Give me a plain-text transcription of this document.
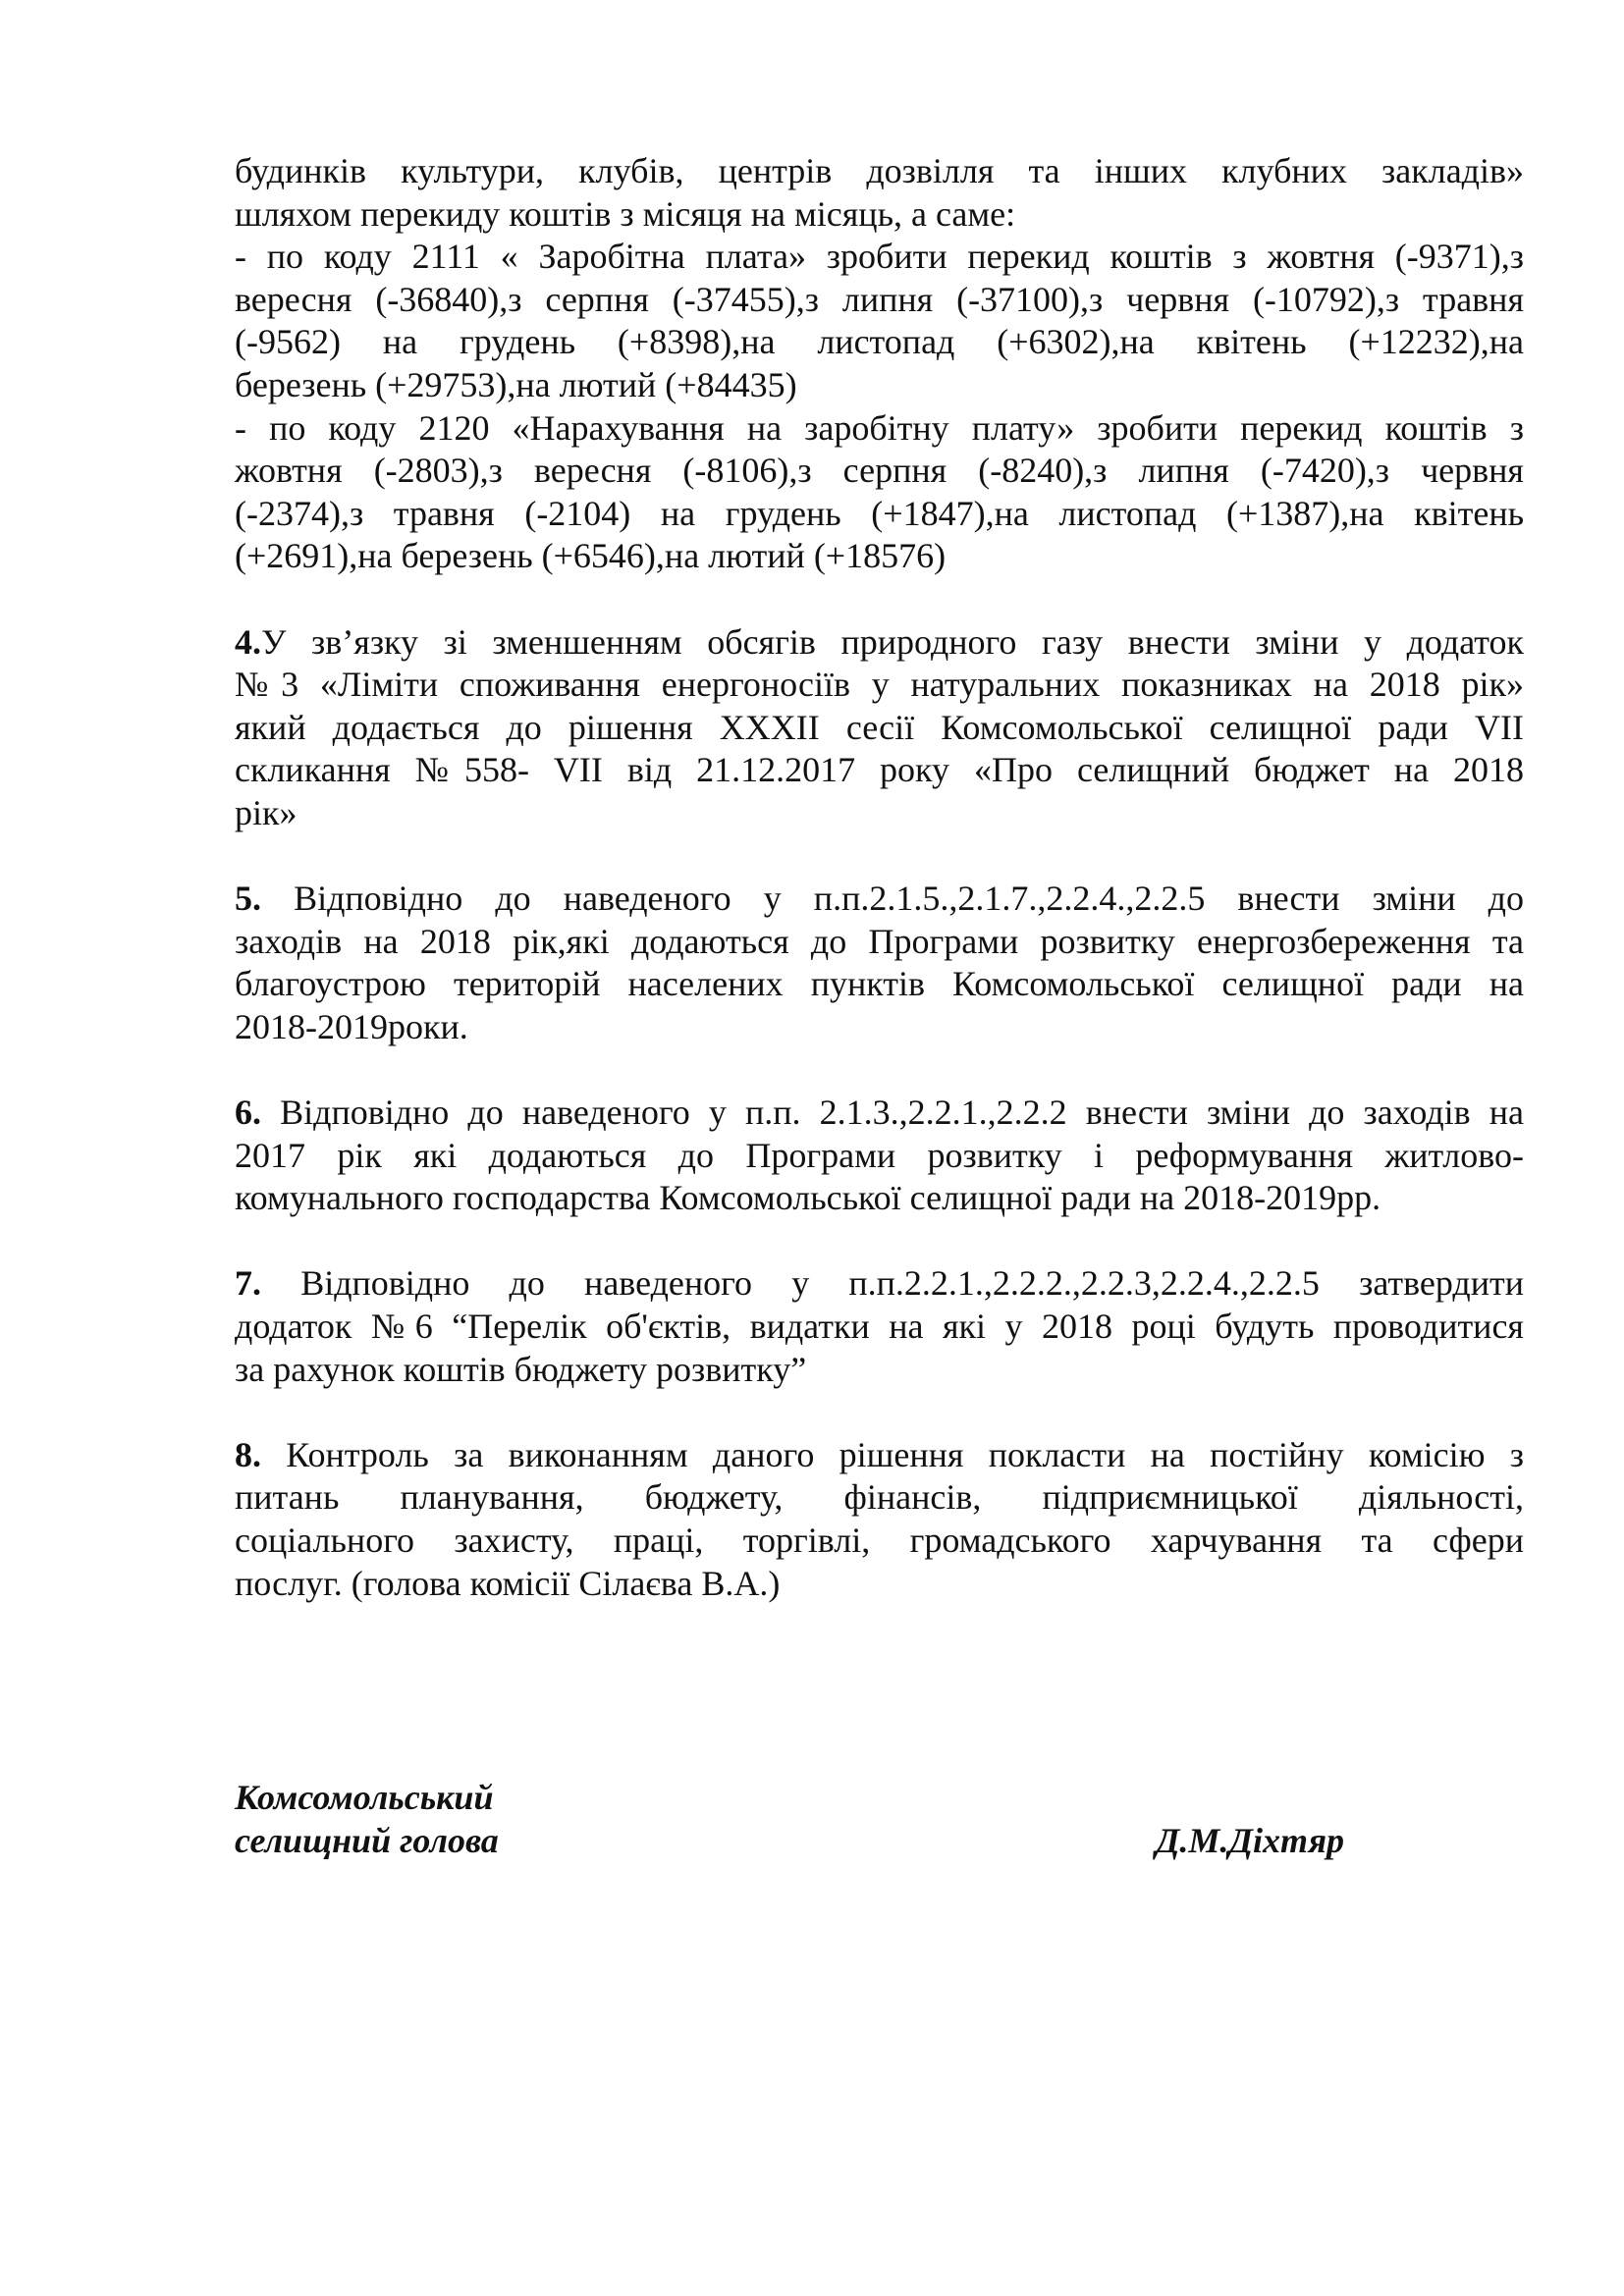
будинків культури, клубів, центрів дозвілля та інших клубних закладів»
шляхом перекиду коштів з місяця на місяць, а саме:
- по коду 2111 « Заробітна плата» зробити перекид коштів з жовтня (-9371),з
вересня (-36840),з серпня (-37455),з липня (-37100),з червня (-10792),з травня
(-9562) на грудень (+8398),на листопад (+6302),на квітень (+12232),на
березень (+29753),на лютий (+84435)
- по коду 2120 «Нарахування на заробітну плату» зробити перекид коштів з
жовтня (-2803),з вересня (-8106),з серпня (-8240),з липня (-7420),з червня
(-2374),з травня (-2104) на грудень (+1847),на листопад (+1387),на квітень
(+2691),на березень (+6546),на лютий (+18576)
4.У зв’язку зі зменшенням обсягів природного газу внести зміни у додаток
№3 «Ліміти споживання енергоносіїв у натуральних показниках на 2018 рік»
який додається до рішення XXXII сесії Комсомольської селищної ради VII
скликання №558- VII від 21.12.2017 року «Про селищний бюджет на 2018
рік»
5. Відповідно до наведеного у п.п.2.1.5.,2.1.7.,2.2.4.,2.2.5 внести зміни до
заходів на 2018 рік,які додаються до Програми розвитку енергозбереження та
благоустрою територій населених пунктів Комсомольської селищної ради на
2018-2019роки.
6. Відповідно до наведеного у п.п. 2.1.3.,2.2.1.,2.2.2 внести зміни до заходів на
2017 рік які додаються до Програми розвитку і реформування житлово-
комунального господарства Комсомольської селищної ради на 2018-2019рр.
7. Відповідно до наведеного у п.п.2.2.1.,2.2.2.,2.2.3,2.2.4.,2.2.5 затвердити
додаток №6 “Перелік об'єктів, видатки на які у 2018 році будуть проводитися
за рахунок коштів бюджету розвитку”
8. Контроль за виконанням даного рішення покласти на постійну комісію з
питань планування, бюджету, фінансів, підприємницької діяльності,
соціального захисту, праці, торгівлі, громадського харчування та сфери
послуг. (голова комісії Сілаєва В.А.)
Комсомольський
селищний голова	Д.М.Діхтяр
